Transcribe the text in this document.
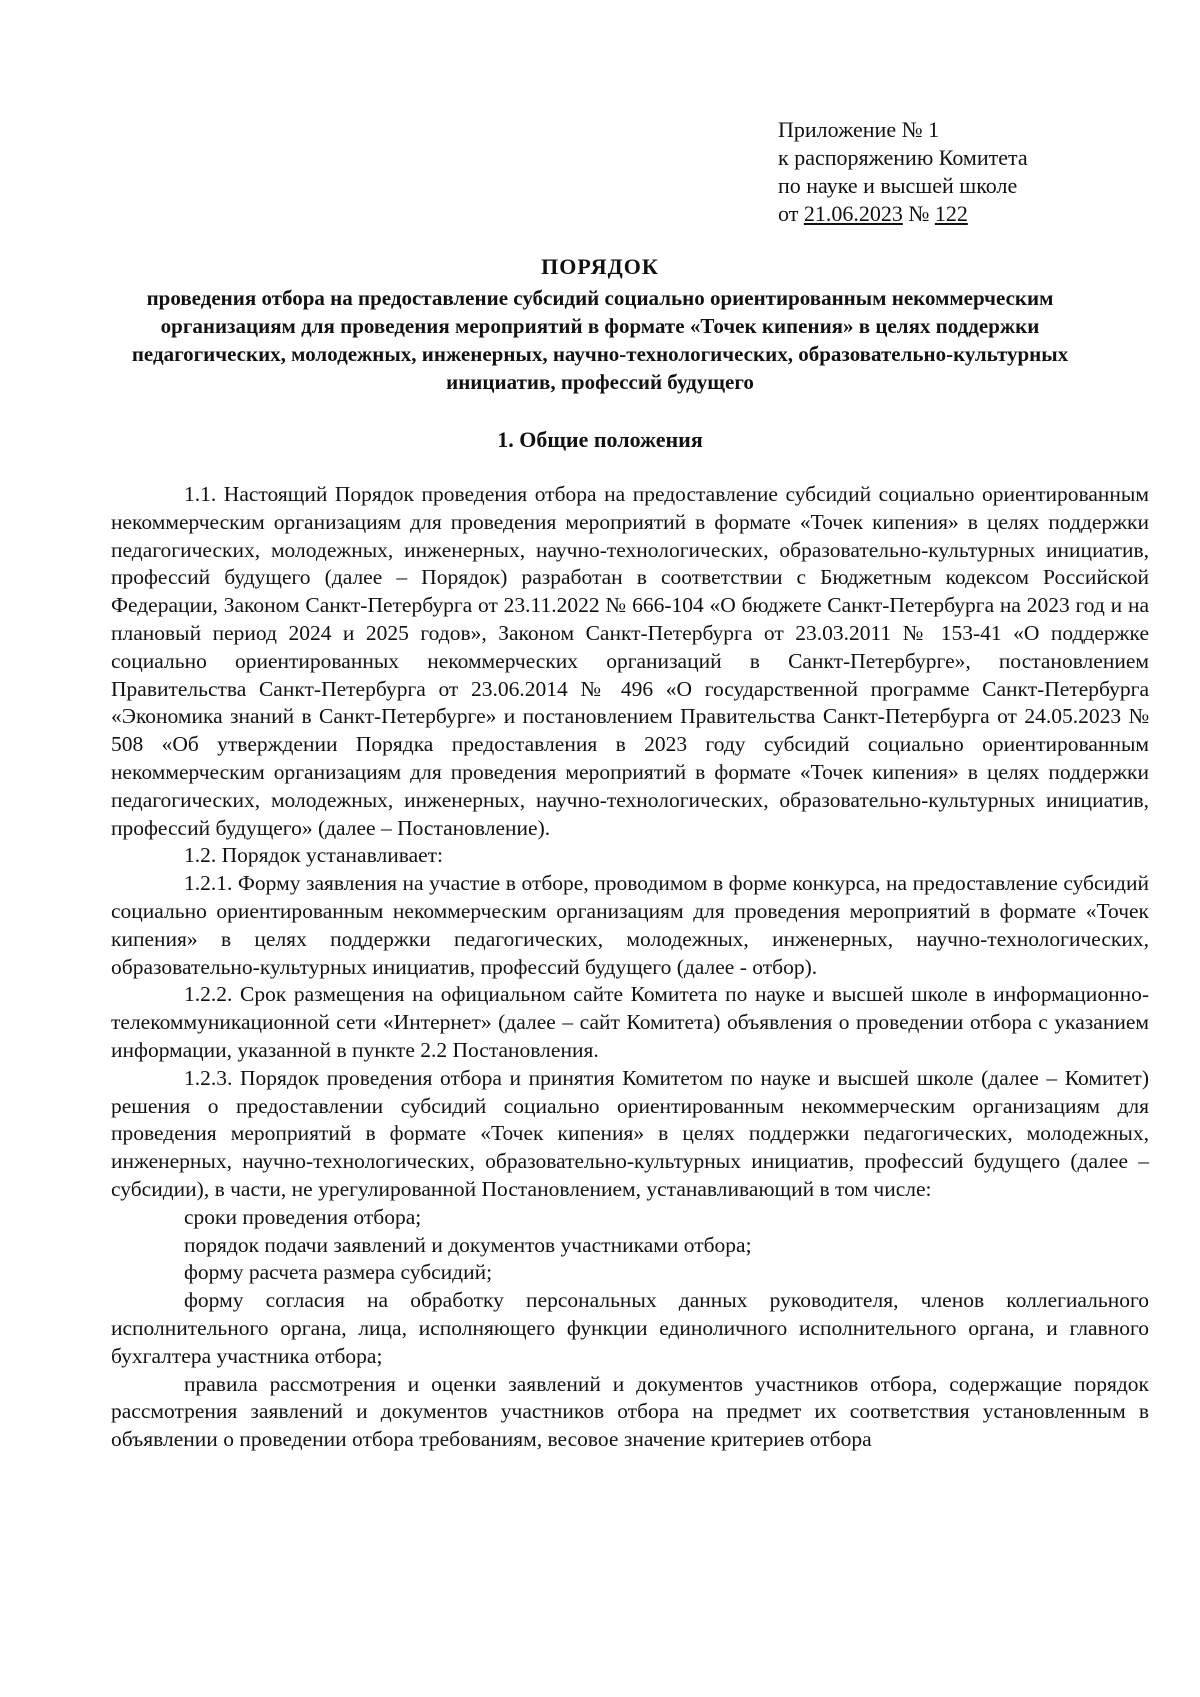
Приложение № 1
к распоряжению Комитета
по науке и высшей школе
от 21.06.2023 № 122
ПОРЯДОК
проведения отбора на предоставление субсидий социально ориентированным некоммерческим организациям для проведения мероприятий в формате «Точек кипения» в целях поддержки педагогических, молодежных, инженерных, научно-технологических, образовательно-культурных инициатив, профессий будущего
1. Общие положения

1.1. Настоящий Порядок проведения отбора на предоставление субсидий социально ориентированным некоммерческим организациям для проведения мероприятий в формате «Точек кипения» в целях поддержки педагогических, молодежных, инженерных, научно-технологических, образовательно-культурных инициатив, профессий будущего (далее – Порядок) разработан в соответствии с Бюджетным кодексом Российской Федерации, Законом Санкт-Петербурга от 23.11.2022 № 666-104 «О бюджете Санкт-Петербурга на 2023 год и на плановый период 2024 и 2025 годов», Законом Санкт-Петербурга от 23.03.2011 № 153-41 «О поддержке социально ориентированных некоммерческих организаций в Санкт-Петербурге», постановлением Правительства Санкт-Петербурга от 23.06.2014 № 496 «О государственной программе Санкт-Петербурга «Экономика знаний в Санкт-Петербурге» и постановлением Правительства Санкт-Петербурга от 24.05.2023 № 508 «Об утверждении Порядка предоставления в 2023 году субсидий социально ориентированным некоммерческим организациям для проведения мероприятий в формате «Точек кипения» в целях поддержки педагогических, молодежных, инженерных, научно-технологических, образовательно-культурных инициатив, профессий будущего» (далее – Постановление).

1.2. Порядок устанавливает:

1.2.1. Форму заявления на участие в отборе, проводимом в форме конкурса, на предоставление субсидий социально ориентированным некоммерческим организациям для проведения мероприятий в формате «Точек кипения» в целях поддержки педагогических, молодежных, инженерных, научно-технологических, образовательно-культурных инициатив, профессий будущего (далее - отбор).

1.2.2. Срок размещения на официальном сайте Комитета по науке и высшей школе в информационно-телекоммуникационной сети «Интернет» (далее – сайт Комитета) объявления о проведении отбора с указанием информации, указанной в пункте 2.2 Постановления.

1.2.3. Порядок проведения отбора и принятия Комитетом по науке и высшей школе (далее – Комитет) решения о предоставлении субсидий социально ориентированным некоммерческим организациям для проведения мероприятий в формате «Точек кипения» в целях поддержки педагогических, молодежных, инженерных, научно-технологических, образовательно-культурных инициатив, профессий будущего (далее – субсидии), в части, не урегулированной Постановлением, устанавливающий в том числе:

сроки проведения отбора;

порядок подачи заявлений и документов участниками отбора;

форму расчета размера субсидий;

форму согласия на обработку персональных данных руководителя, членов коллегиального исполнительного органа, лица, исполняющего функции единоличного исполнительного органа, и главного бухгалтера участника отбора;

правила рассмотрения и оценки заявлений и документов участников отбора, содержащие порядок рассмотрения заявлений и документов участников отбора на предмет их соответствия установленным в объявлении о проведении отбора требованиям, весовое значение критериев отбора
